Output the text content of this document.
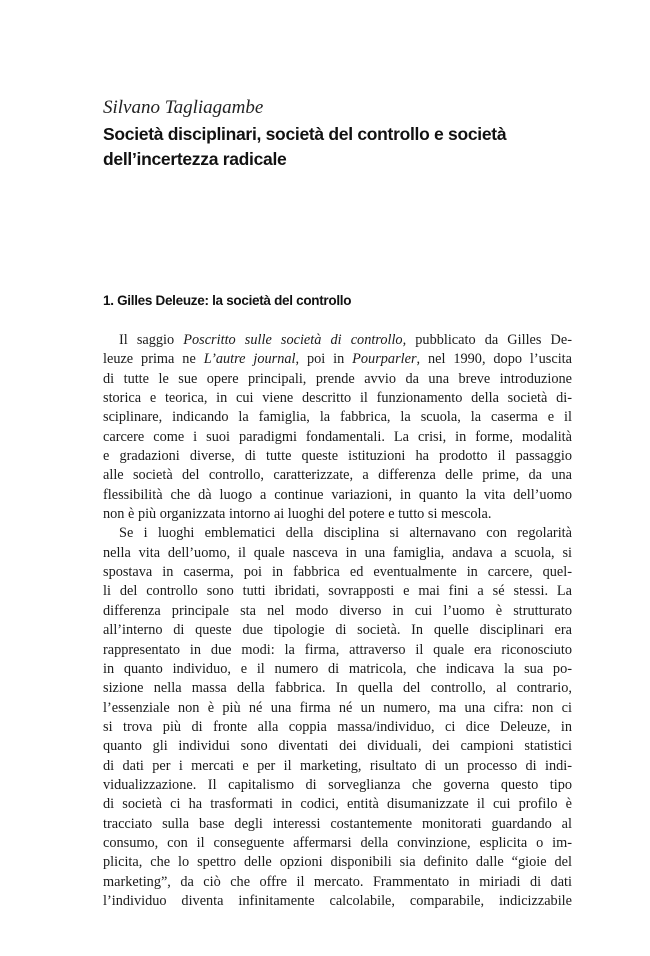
Silvano Tagliagambe
Società disciplinari, società del controllo e società
dell’incertezza radicale
1. Gilles Deleuze: la società del controllo
Il saggio Poscritto sulle società di controllo, pubblicato da Gilles De-
leuze prima ne L’autre journal, poi in Pourparler, nel 1990, dopo l’uscita
di tutte le sue opere principali, prende avvio da una breve introduzione
storica e teorica, in cui viene descritto il funzionamento della società di-
sciplinare, indicando la famiglia, la fabbrica, la scuola, la caserma e il
carcere come i suoi paradigmi fondamentali. La crisi, in forme, modalità
e gradazioni diverse, di tutte queste istituzioni ha prodotto il passaggio
alle società del controllo, caratterizzate, a differenza delle prime, da una
flessibilità che dà luogo a continue variazioni, in quanto la vita dell’uomo
non è più organizzata intorno ai luoghi del potere e tutto si mescola.
Se i luoghi emblematici della disciplina si alternavano con regolarità
nella vita dell’uomo, il quale nasceva in una famiglia, andava a scuola, si
spostava in caserma, poi in fabbrica ed eventualmente in carcere, quel-
li del controllo sono tutti ibridati, sovrapposti e mai fini a sé stessi. La
differenza principale sta nel modo diverso in cui l’uomo è strutturato
all’interno di queste due tipologie di società. In quelle disciplinari era
rappresentato in due modi: la firma, attraverso il quale era riconosciuto
in quanto individuo, e il numero di matricola, che indicava la sua po-
sizione nella massa della fabbrica. In quella del controllo, al contrario,
l’essenziale non è più né una firma né un numero, ma una cifra: non ci
si trova più di fronte alla coppia massa/individuo, ci dice Deleuze, in
quanto gli individui sono diventati dei dividuali, dei campioni statistici
di dati per i mercati e per il marketing, risultato di un processo di indi-
vidualizzazione. Il capitalismo di sorveglianza che governa questo tipo
di società ci ha trasformati in codici, entità disumanizzate il cui profilo è
tracciato sulla base degli interessi costantemente monitorati guardando al
consumo, con il conseguente affermarsi della convinzione, esplicita o im-
plicita, che lo spettro delle opzioni disponibili sia definito dalle “gioie del
marketing”, da ciò che offre il mercato. Frammentato in miriadi di dati
l’individuo diventa infinitamente calcolabile, comparabile, indicizzabile
